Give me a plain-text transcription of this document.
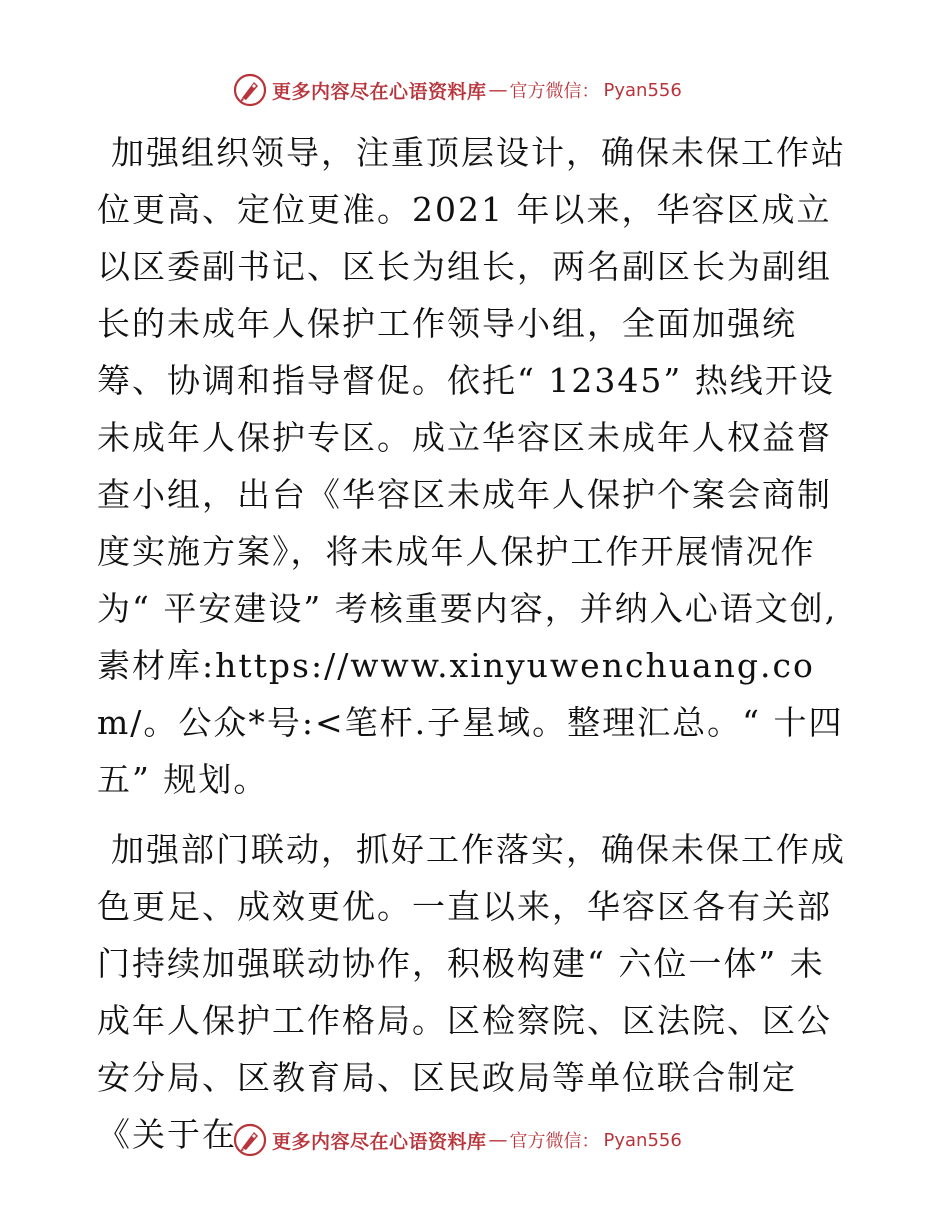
更多内容尽在心语资料库 — 官方微信： Pyan556

加强组织领导，注重顶层设计，确保未保工作站位更高、定位更准。2021 年以来，华容区成立以区委副书记、区长为组长，两名副区长为副组长的未成年人保护工作领导小组，全面加强统筹、协调和指导督促。依托“ 12345” 热线开设未成年人保护专区。成立华容区未成年人权益督查小组，出台《华容区未成年人保护个案会商制度实施方案》，将未成年人保护工作开展情况作为“ 平安建设” 考核重要内容，并纳入心语文创,素材库:https://www.xinyuwenchuang.com/。公众*号:<笔杆.子星域。整理汇总。“ 十四五” 规划。

加强部门联动，抓好工作落实，确保未保工作成色更足、成效更优。一直以来，华容区各有关部门持续加强联动协作，积极构建“ 六位一体” 未成年人保护工作格局。区检察院、区法院、区公安分局、区教育局、区民政局等单位联合制定《关于在	更多内容尽在心语资料库 — 官方微信： Pyan556
